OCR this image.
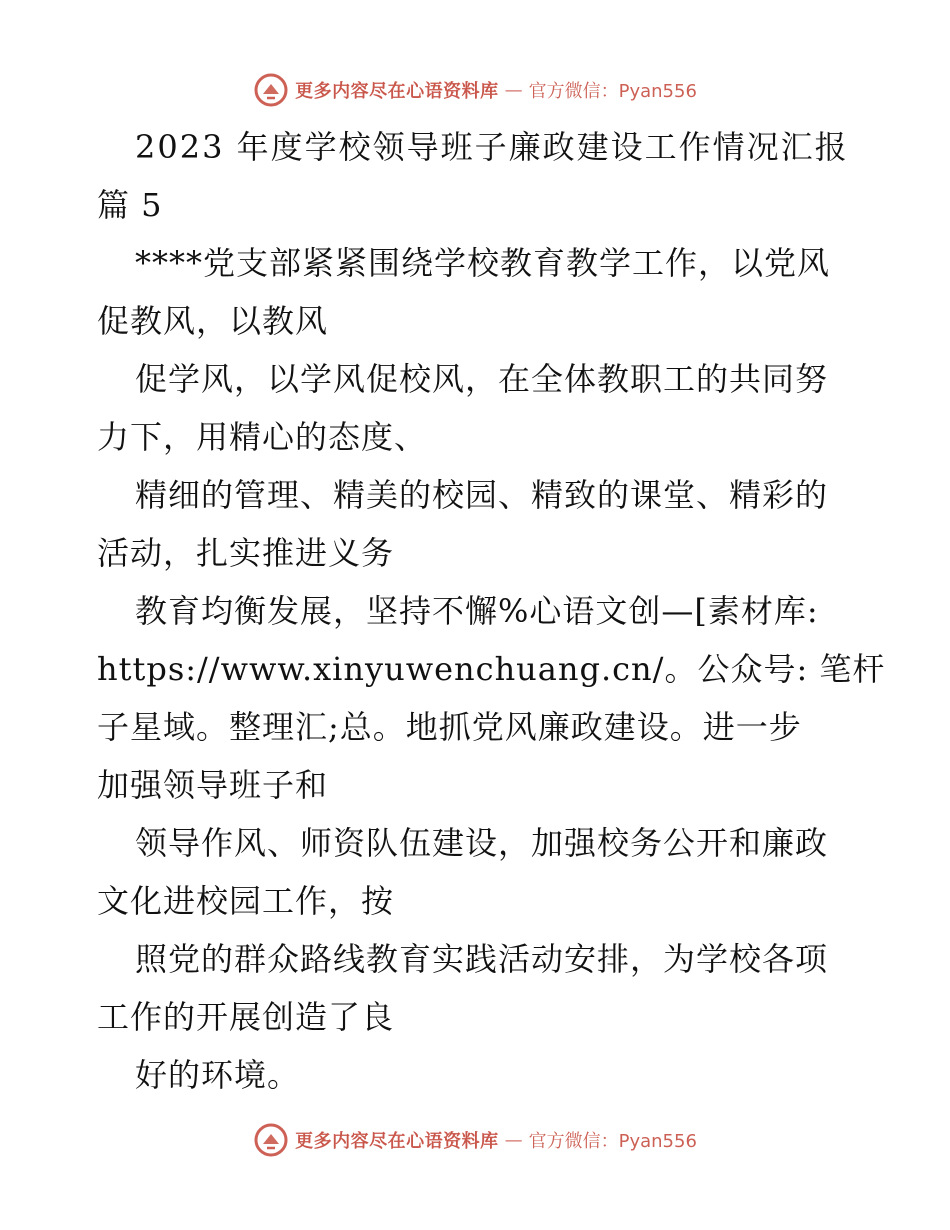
更多内容尽在心语资料库 — 官方微信：Pyan556
2023 年度学校领导班子廉政建设工作情况汇报
篇 5
****党支部紧紧围绕学校教育教学工作，以党风
促教风，以教风
促学风，以学风促校风，在全体教职工的共同努
力下，用精心的态度、
精细的管理、精美的校园、精致的课堂、精彩的
活动，扎实推进义务
教育均衡发展，坚持不懈%心语文创—[素材库:
https://www.xinyuwenchuang.cn/。公众号: 笔杆
子星域。整理汇;总。地抓党风廉政建设。进一步
加强领导班子和
领导作风、师资队伍建设，加强校务公开和廉政
文化进校园工作，按
照党的群众路线教育实践活动安排，为学校各项
工作的开展创造了良
好的环境。
更多内容尽在心语资料库 — 官方微信：Pyan556
